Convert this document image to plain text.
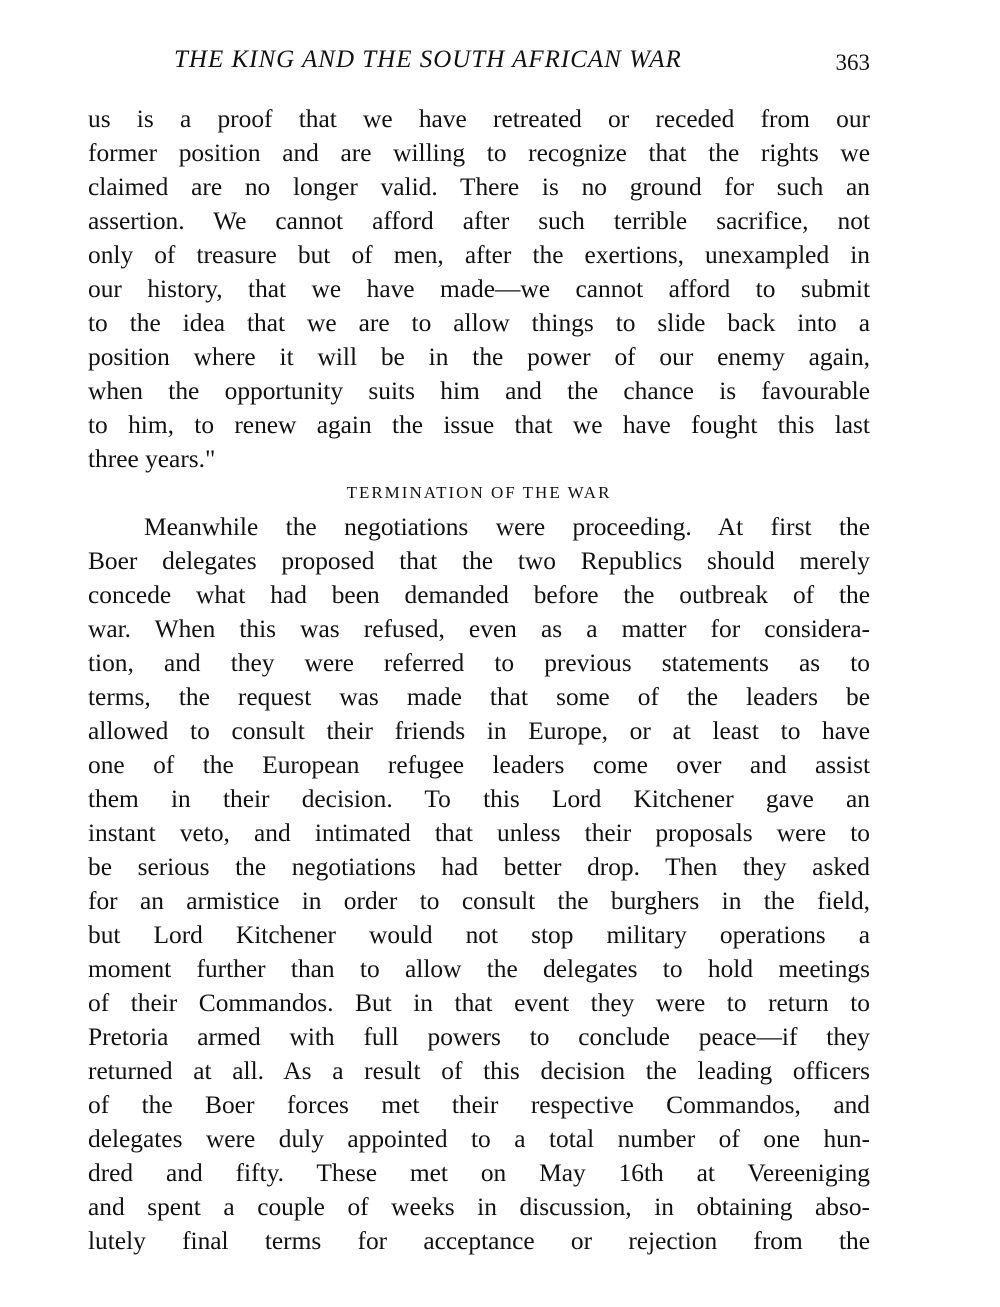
THE KING AND THE SOUTH AFRICAN WAR	363
us is a proof that we have retreated or receded from our
former position and are willing to recognize that the rights we
claimed are no longer valid. There is no ground for such an
assertion. We cannot afford after such terrible sacrifice, not
only of treasure but of men, after the exertions, unexampled in
our history, that we have made—we cannot afford to submit
to the idea that we are to allow things to slide back into a
position where it will be in the power of our enemy again,
when the opportunity suits him and the chance is favourable
to him, to renew again the issue that we have fought this last
three years."
TERMINATION OF THE WAR
Meanwhile the negotiations were proceeding. At first the
Boer delegates proposed that the two Republics should merely
concede what had been demanded before the outbreak of the
war. When this was refused, even as a matter for considera-
tion, and they were referred to previous statements as to
terms, the request was made that some of the leaders be
allowed to consult their friends in Europe, or at least to have
one of the European refugee leaders come over and assist
them in their decision. To this Lord Kitchener gave an
instant veto, and intimated that unless their proposals were to
be serious the negotiations had better drop. Then they asked
for an armistice in order to consult the burghers in the field,
but Lord Kitchener would not stop military operations a
moment further than to allow the delegates to hold meetings
of their Commandos. But in that event they were to return to
Pretoria armed with full powers to conclude peace—if they
returned at all. As a result of this decision the leading officers
of the Boer forces met their respective Commandos, and
delegates were duly appointed to a total number of one hun-
dred and fifty. These met on May 16th at Vereeniging
and spent a couple of weeks in discussion, in obtaining abso-
lutely final terms for acceptance or rejection from the
